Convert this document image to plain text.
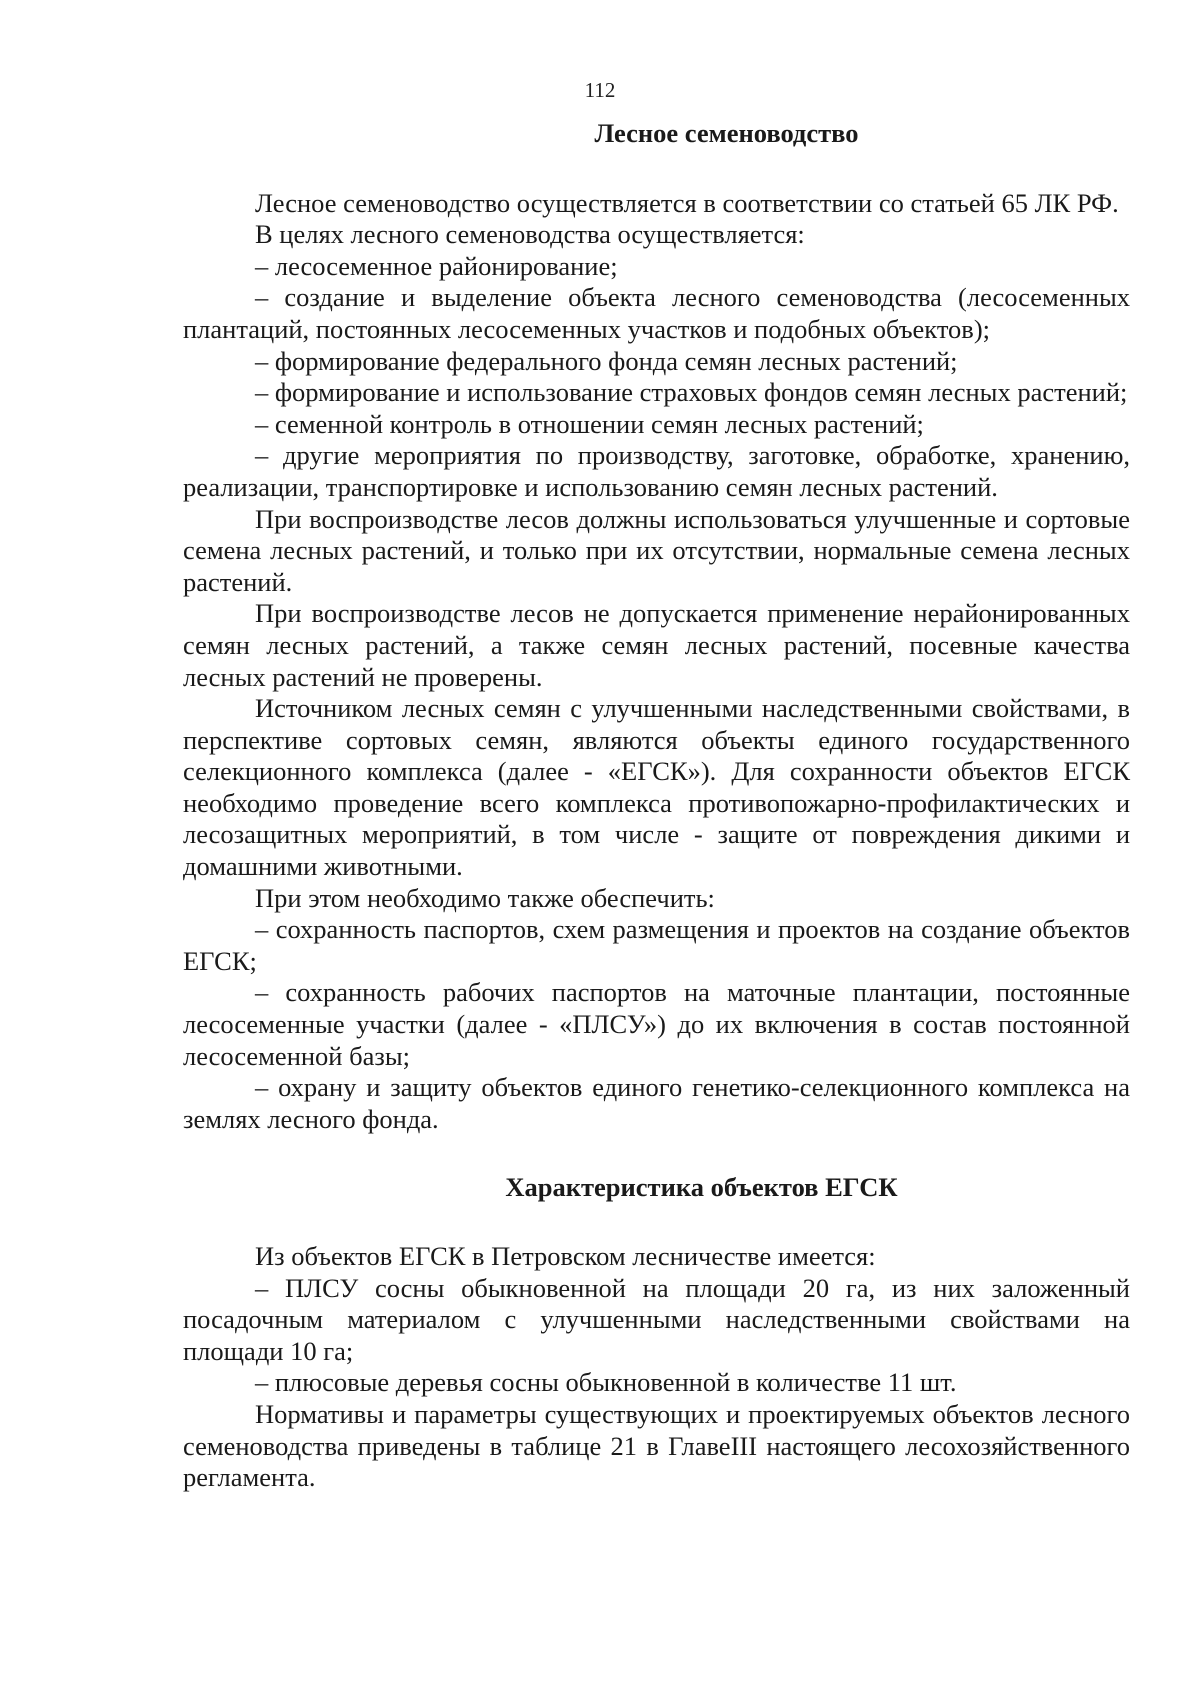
112
Лесное семеноводство

Лесное семеноводство осуществляется в соответствии со статьей 65 ЛК РФ.

В целях лесного семеноводства осуществляется:

– лесосеменное районирование;

– создание и выделение объекта лесного семеноводства (лесосеменных плантаций, постоянных лесосеменных участков и подобных объектов);

– формирование федерального фонда семян лесных растений;

– формирование и использование страховых фондов семян лесных растений;

– семенной контроль в отношении семян лесных растений;

– другие мероприятия по производству, заготовке, обработке, хранению, реализации, транспортировке и использованию семян лесных растений.

При воспроизводстве лесов должны использоваться улучшенные и сортовые семена лесных растений, и только при их отсутствии, нормальные семена лесных растений.

При воспроизводстве лесов не допускается применение нерайонированных семян лесных растений, а также семян лесных растений, посевные качества лесных растений не проверены.

Источником лесных семян с улучшенными наследственными свойствами, в перспективе сортовых семян, являются объекты единого государственного селекционного комплекса (далее - «ЕГСК»). Для сохранности объектов ЕГСК необходимо проведение всего комплекса противопожарно-профилактических и лесозащитных мероприятий, в том числе - защите от повреждения дикими и домашними животными.

При этом необходимо также обеспечить:

– сохранность паспортов, схем размещения и проектов на создание объектов ЕГСК;

– сохранность рабочих паспортов на маточные плантации, постоянные лесосеменные участки (далее - «ПЛСУ») до их включения в состав постоянной лесосеменной базы;

– охрану и защиту объектов единого генетико-селекционного комплекса на землях лесного фонда.

Характеристика объектов ЕГСК

Из объектов ЕГСК в Петровском лесничестве имеется:

– ПЛСУ сосны обыкновенной на площади 20 га, из них заложенный посадочным материалом с улучшенными наследственными свойствами на площади 10 га;

– плюсовые деревья сосны обыкновенной в количестве 11 шт.

Нормативы и параметры существующих и проектируемых объектов лесного семеноводства приведены в таблице 21 в ГлавеIII настоящего лесохозяйственного регламента.
